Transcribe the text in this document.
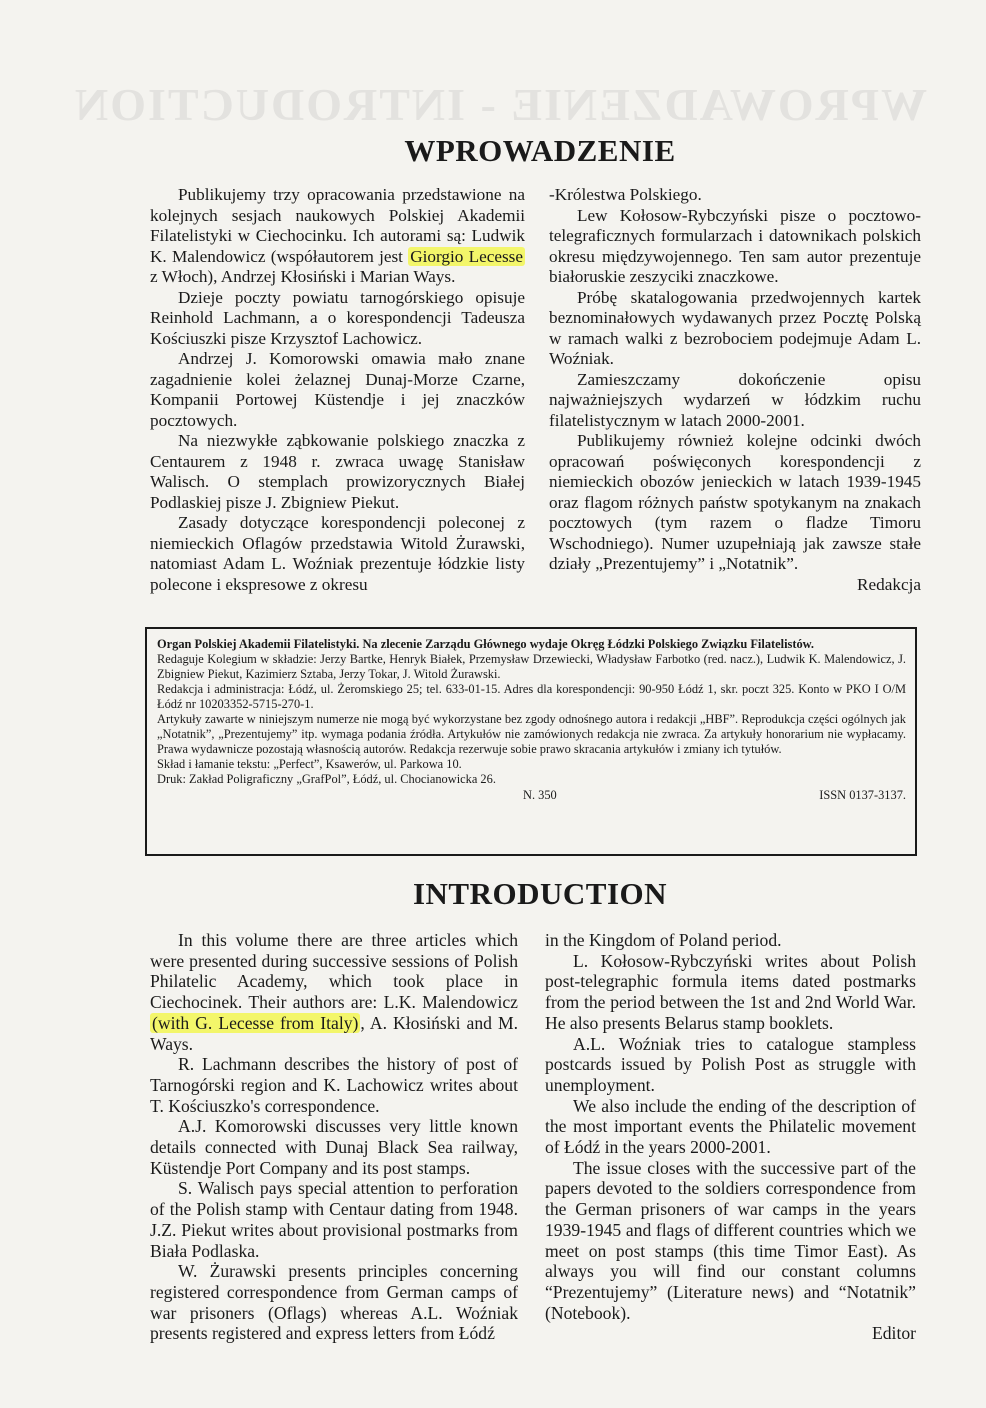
WPROWADZENIE - INTRODUCTION
WPROWADZENIE

Publikujemy trzy opracowania przedstawione na kolejnych sesjach naukowych Polskiej Akademii Filatelistyki w Ciechocinku. Ich autorami są: Ludwik K. Malendowicz (współautorem jest Giorgio Lecesse z Włoch), Andrzej Kłosiński i Marian Ways.

Dzieje poczty powiatu tarnogórskiego opisuje Reinhold Lachmann, a o korespondencji Tadeusza Kościuszki pisze Krzysztof Lachowicz.

Andrzej J. Komorowski omawia mało znane zagadnienie kolei żelaznej Dunaj-Morze Czarne, Kompanii Portowej Küstendje i jej znaczków pocztowych.

Na niezwykłe ząbkowanie polskiego znaczka z Centaurem z 1948 r. zwraca uwagę Stanisław Walisch. O stemplach prowizorycznych Białej Podlaskiej pisze J. Zbigniew Piekut.

Zasady dotyczące korespondencji poleconej z niemieckich Oflagów przedstawia Witold Żurawski, natomiast Adam L. Woźniak prezentuje łódzkie listy polecone i ekspresowe z okresu

-Królestwa Polskiego.

Lew Kołosow-Rybczyński pisze o pocztowo-telegraficznych formularzach i datownikach polskich okresu międzywojennego. Ten sam autor prezentuje białoruskie zeszyciki znaczkowe.

Próbę skatalogowania przedwojennych kartek beznominałowych wydawanych przez Pocztę Polską w ramach walki z bezrobociem podejmuje Adam L. Woźniak.

Zamieszczamy dokończenie opisu najważniejszych wydarzeń w łódzkim ruchu filatelistycznym w latach 2000-2001.

Publikujemy również kolejne odcinki dwóch opracowań poświęconych korespondencji z niemieckich obozów jenieckich w latach 1939-1945 oraz flagom różnych państw spotykanym na znakach pocztowych (tym razem o fladze Timoru Wschodniego). Numer uzupełniają jak zawsze stałe działy „Prezentujemy” i „Notatnik”.

Redakcja

Organ Polskiej Akademii Filatelistyki. Na zlecenie Zarządu Głównego wydaje Okręg Łódzki Polskiego Związku Filatelistów.

Redaguje Kolegium w składzie: Jerzy Bartke, Henryk Białek, Przemysław Drzewiecki, Władysław Farbotko (red. nacz.), Ludwik K. Malendowicz, J. Zbigniew Piekut, Kazimierz Sztaba, Jerzy Tokar, J. Witold Żurawski.

Redakcja i administracja: Łódź, ul. Żeromskiego 25; tel. 633-01-15. Adres dla korespondencji: 90-950 Łódź 1, skr. poczt 325. Konto w PKO I O/M Łódź nr 10203352-5715-270-1.

Artykuły zawarte w niniejszym numerze nie mogą być wykorzystane bez zgody odnośnego autora i redakcji „HBF”. Reprodukcja części ogólnych jak „Notatnik”, „Prezentujemy” itp. wymaga podania źródła. Artykułów nie zamówionych redakcja nie zwraca. Za artykuły honorarium nie wypłacamy. Prawa wydawnicze pozostają własnością autorów. Redakcja rezerwuje sobie prawo skracania artykułów i zmiany ich tytułów.

Skład i łamanie tekstu: „Perfect”, Ksawerów, ul. Parkowa 10.

Druk: Zakład Poligraficzny „GrafPol”, Łódź, ul. Chocianowicka 26.

N. 350	ISSN 0137-3137.
INTRODUCTION

In this volume there are three articles which were presented during successive sessions of Polish Philatelic Academy, which took place in Ciechocinek. Their authors are: L.K. Malendowicz (with G. Lecesse from Italy) , A. Kłosiński and M. Ways.

R. Lachmann describes the history of post of Tarnogórski region and K. Lachowicz writes about T. Kościuszko's correspondence.

A.J. Komorowski discusses very little known details connected with Dunaj Black Sea railway, Küstendje Port Company and its post stamps.

S. Walisch pays special attention to perforation of the Polish stamp with Centaur dating from 1948. J.Z. Piekut writes about provisional postmarks from Biała Podlaska.

W. Żurawski presents principles concerning registered correspondence from German camps of war prisoners (Oflags) whereas A.L. Woźniak presents registered and express letters from Łódź

in the Kingdom of Poland period.

L. Kołosow-Rybczyński writes about Polish post-telegraphic formula items dated postmarks from the period between the 1st and 2nd World War. He also presents Belarus stamp booklets.

A.L. Woźniak tries to catalogue stampless postcards issued by Polish Post as struggle with unemployment.

We also include the ending of the description of the most important events the Philatelic movement of Łódź in the years 2000-2001.

The issue closes with the successive part of the papers devoted to the soldiers correspondence from the German prisoners of war camps in the years 1939-1945 and flags of different countries which we meet on post stamps (this time Timor East). As always you will find our constant columns “Prezentujemy” (Literature news) and “Notatnik” (Notebook).

Editor
